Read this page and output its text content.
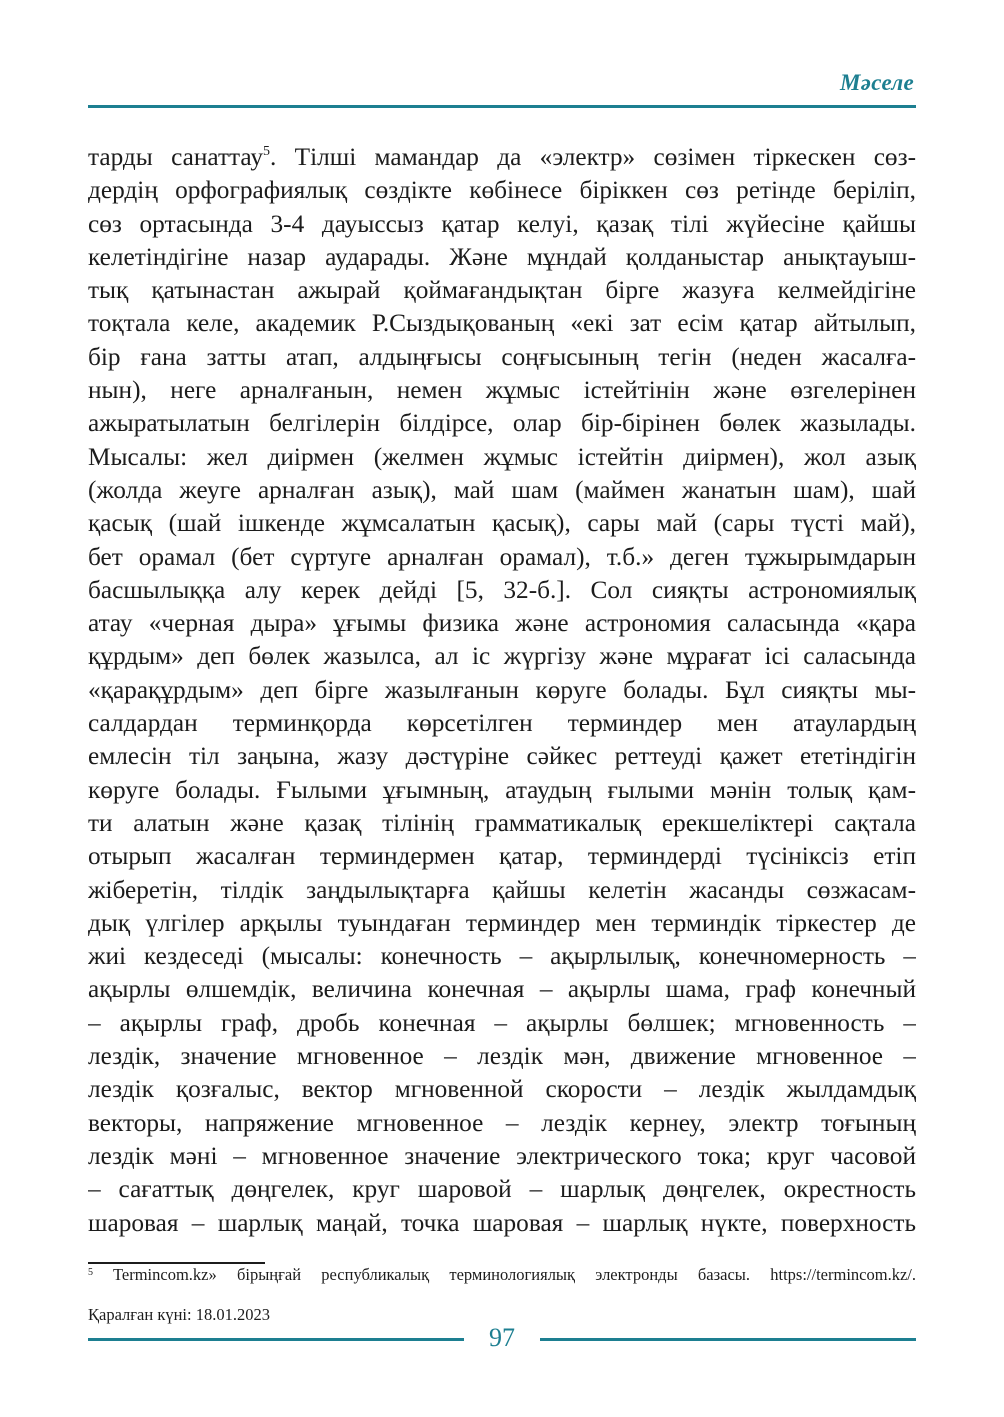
Мәселе
тарды санаттау$^5$. Тілші мамандар да «электр» сөзімен тіркескен сөз-
дердің орфографиялық сөздікте көбінесе біріккен сөз ретінде беріліп,
сөз ортасында 3-4 дауыссыз қатар келуі, қазақ тілі жүйесіне қайшы
келетіндігіне назар аударады. Және мұндай қолданыстар анықтауыш-
тық қатынастан ажырай қоймағандықтан бірге жазуға келмейдігіне
тоқтала келе, академик Р.Сыздықованың «екі зат есім қатар айтылып,
бір ғана затты атап, алдыңғысы соңғысының тегін (неден жасалға-
нын), неге арналғанын, немен жұмыс істейтінін және өзгелерінен
ажыратылатын белгілерін білдірсе, олар бір-бірінен бөлек жазылады.
Мысалы: жел диірмен (желмен жұмыс істейтін диірмен), жол азық
(жолда жеуге арналған азық), май шам (маймен жанатын шам), шай
қасық (шай ішкенде жұмсалатын қасық), сары май (сары түсті май),
бет орамал (бет сүртуге арналған орамал), т.б.» деген тұжырымдарын
басшылыққа алу керек дейді [5, 32-б.]. Сол сияқты астрономиялық
атау «черная дыра» ұғымы физика және астрономия саласында «қара
құрдым» деп бөлек жазылса, ал іс жүргізу және мұрағат ісі саласында
«қарақұрдым» деп бірге жазылғанын көруге болады. Бұл сияқты мы-
салдардан терминқорда көрсетілген терминдер мен атаулардың
емлесін тіл заңына, жазу дәстүріне сәйкес реттеуді қажет ететіндігін
көруге болады. Ғылыми ұғымның, атаудың ғылыми мәнін толық қам-
ти алатын және қазақ тілінің грамматикалық ерекшеліктері сақтала
отырып жасалған терминдермен қатар, терминдерді түсініксіз етіп
жіберетін, тілдік заңдылықтарға қайшы келетін жасанды сөзжасам-
дық үлгілер арқылы туындаған терминдер мен терминдік тіркестер де
жиі кездеседі (мысалы: конечность – ақырлылық, конечномерность –
ақырлы өлшемдік, величина конечная – ақырлы шама, граф конечный
– ақырлы граф, дробь конечная – ақырлы бөлшек; мгновенность –
лездік, значение мгновенное – лездік мән, движение мгновенное –
лездік қозғалыс, вектор мгновенной скорости – лездік жылдамдық
векторы, напряжение мгновенное – лездік кернеу, электр тоғының
лездік мәні – мгновенное значение электрического тока; круг часовой
– сағаттық дөңгелек, круг шаровой – шарлық дөңгелек, окрестность
шаровая – шарлық маңай, точка шаровая – шарлық нүкте, поверхность
$^5$ Termincom.kz» бірыңғай республикалық терминологиялық электронды базасы. https://termincom.kz/.
Қаралған күні: 18.01.2023
97
